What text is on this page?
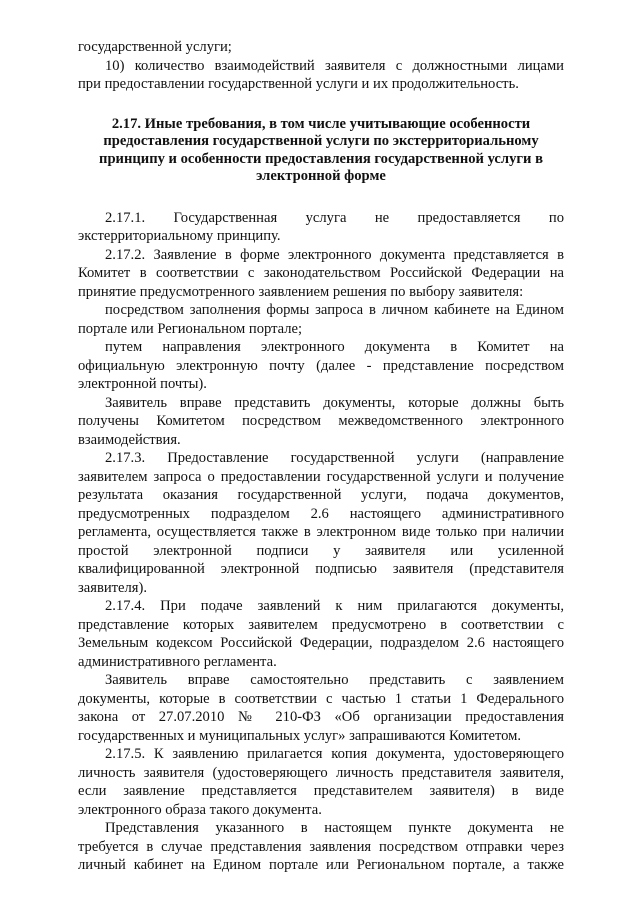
государственной услуги;
10) количество взаимодействий заявителя с должностными лицами
при предоставлении государственной услуги и их продолжительность.
2.17. Иные требования, в том числе учитывающие особенности
предоставления государственной услуги по экстерриториальному
принципу и особенности предоставления государственной услуги в
электронной форме
2.17.1. Государственная услуга не предоставляется по
экстерриториальному принципу.
2.17.2. Заявление в форме электронного документа представляется в
Комитет в соответствии с законодательством Российской Федерации на
принятие предусмотренного заявлением решения по выбору заявителя:
посредством заполнения формы запроса в личном кабинете на Едином
портале или Региональном портале;
путем направления электронного документа в Комитет на
официальную электронную почту (далее - представление посредством
электронной почты).
Заявитель вправе представить документы, которые должны быть
получены Комитетом посредством межведомственного электронного
взаимодействия.
2.17.3. Предоставление государственной услуги (направление
заявителем запроса о предоставлении государственной услуги и получение
результата оказания государственной услуги, подача документов,
предусмотренных подразделом 2.6 настоящего административного
регламента, осуществляется также в электронном виде только при наличии
простой электронной подписи у заявителя или усиленной
квалифицированной электронной подписью заявителя (представителя
заявителя).
2.17.4. При подаче заявлений к ним прилагаются документы,
представление которых заявителем предусмотрено в соответствии с
Земельным кодексом Российской Федерации, подразделом 2.6 настоящего
административного регламента.
Заявитель вправе самостоятельно представить с заявлением
документы, которые в соответствии с частью 1 статьи 1 Федерального
закона от 27.07.2010 № 210-ФЗ «Об организации предоставления
государственных и муниципальных услуг» запрашиваются Комитетом.
2.17.5. К заявлению прилагается копия документа, удостоверяющего
личность заявителя (удостоверяющего личность представителя заявителя,
если заявление представляется представителем заявителя) в виде
электронного образа такого документа.
Представления указанного в настоящем пункте документа не
требуется в случае представления заявления посредством отправки через
личный кабинет на Едином портале или Региональном портале, а также
